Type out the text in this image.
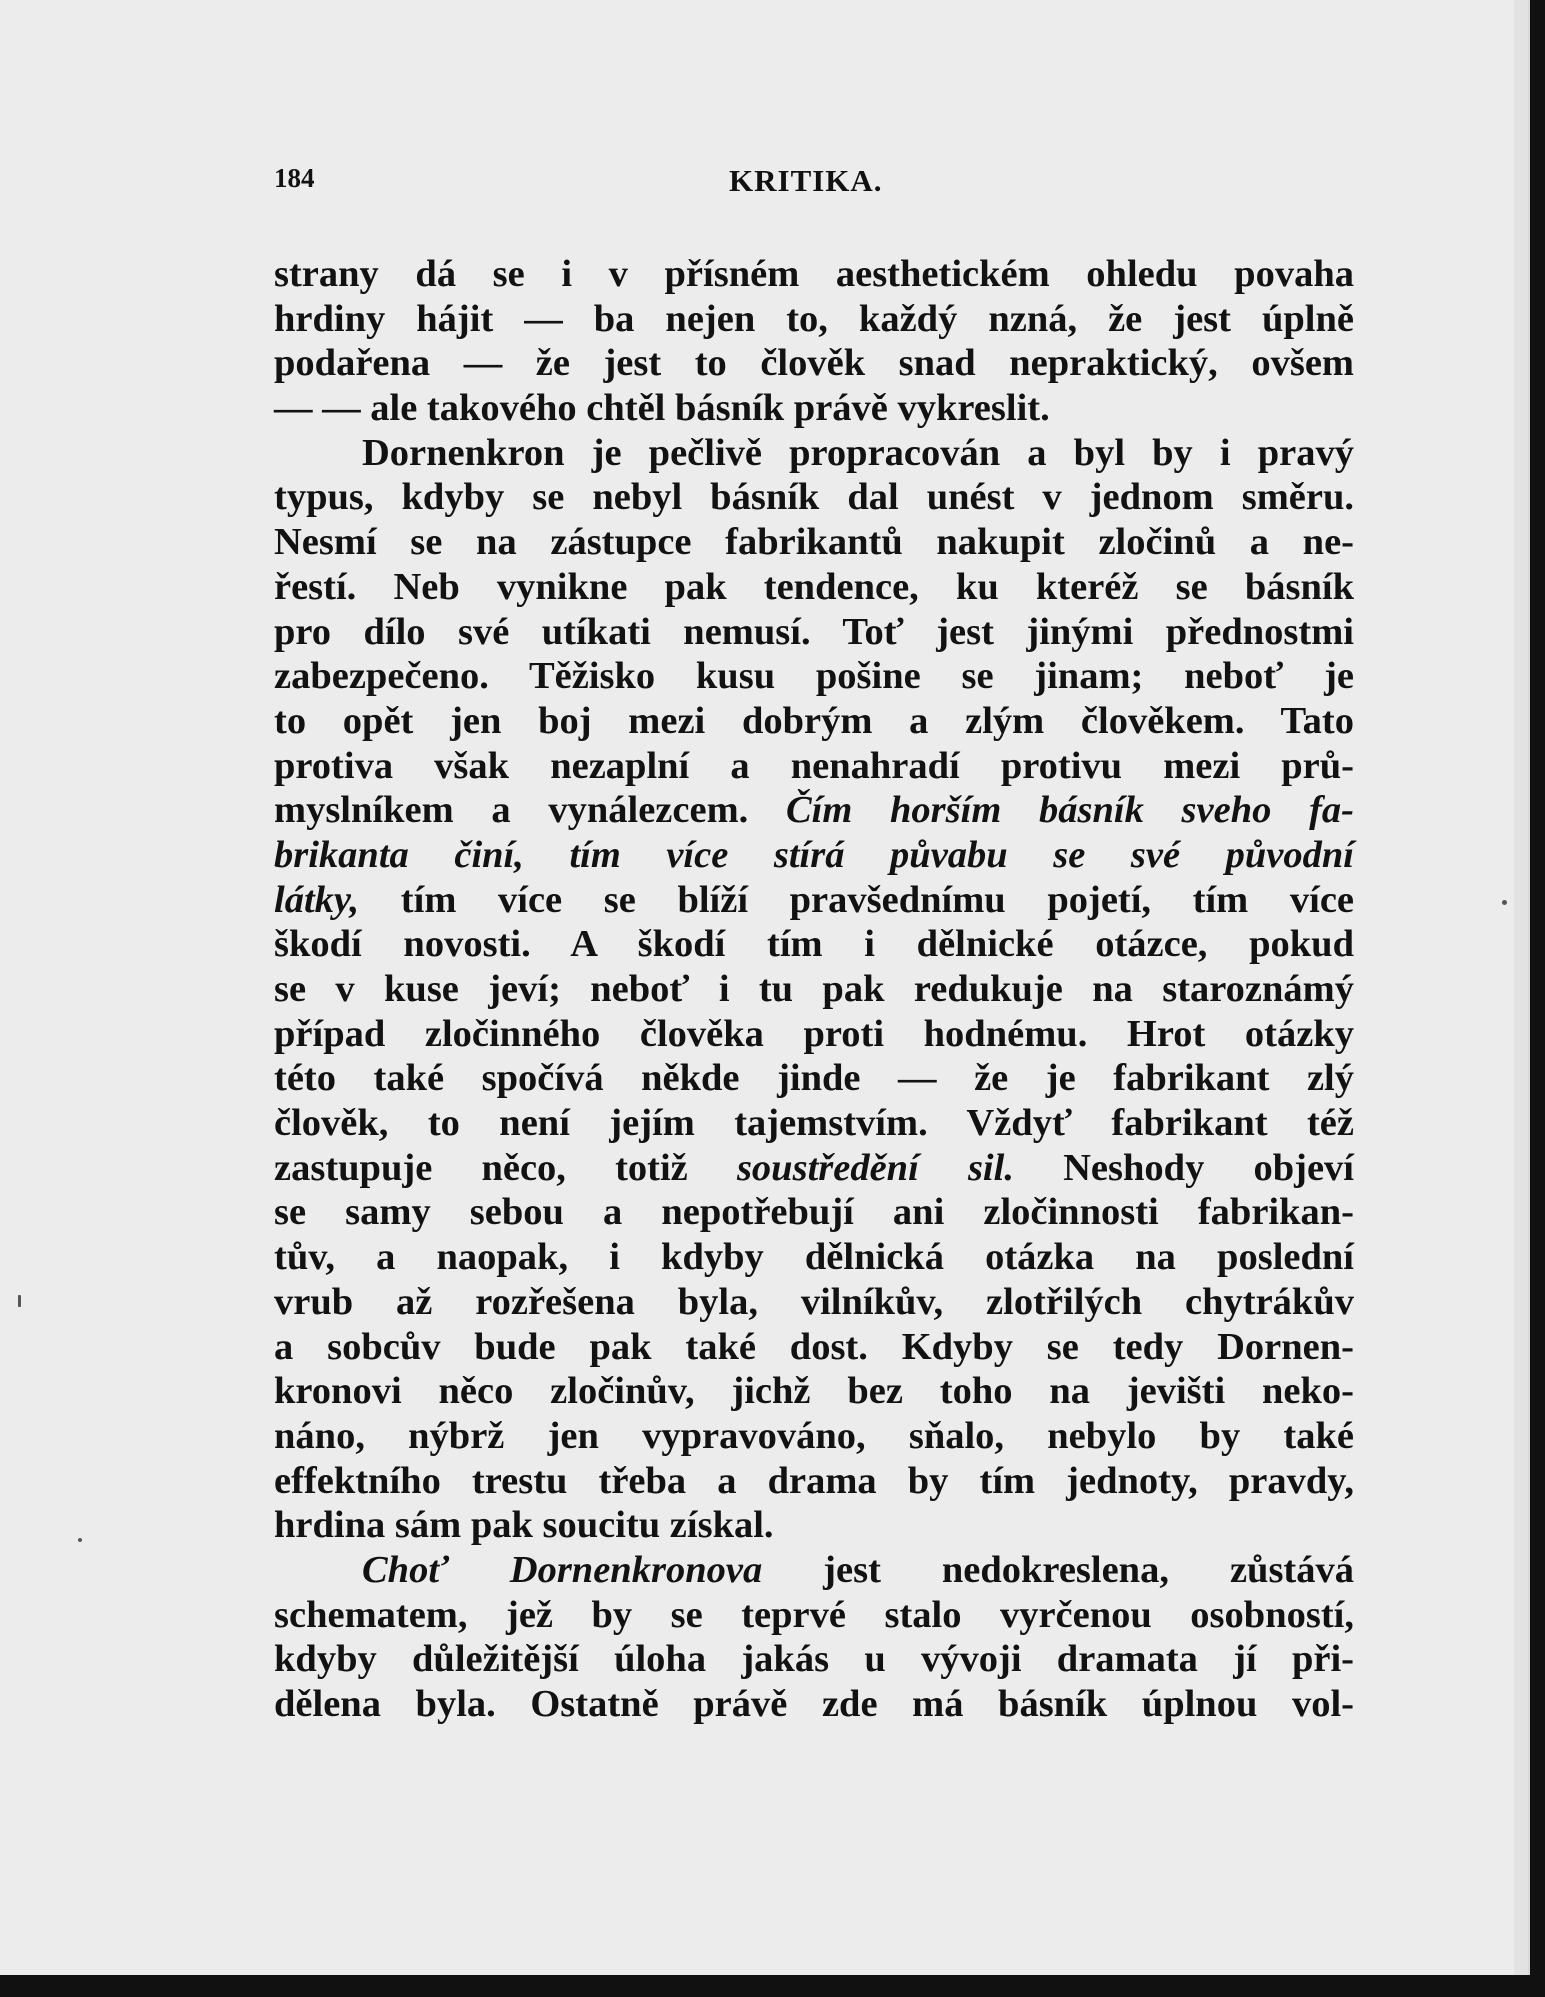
184	KRITIKA.
strany dá se i v přísném aesthetickém ohledu povaha
hrdiny hájit — ba nejen to, každý nzná, že jest úplně
podařena — že jest to člověk snad nepraktický, ovšem
— — ale takového chtěl básník právě vykreslit.
Dornenkron je pečlivě propracován a byl by i pravý
typus, kdyby se nebyl básník dal unést v jednom směru.
Nesmí se na zástupce fabrikantů nakupit zločinů a ne-
řestí. Neb vynikne pak tendence, ku kteréž se básník
pro dílo své utíkati nemusí. Toť jest jinými přednostmi
zabezpečeno. Těžisko kusu pošine se jinam; neboť je
to opět jen boj mezi dobrým a zlým člověkem. Tato
protiva však nezaplní a nenahradí protivu mezi prů-
myslníkem a vynálezcem. Čím horším básník sveho fa-
brikanta činí, tím více stírá půvabu se své původní
látky, tím více se blíží pravšednímu pojetí, tím více
škodí novosti. A škodí tím i dělnické otázce, pokud
se v kuse jeví; neboť i tu pak redukuje na staroznámý
případ zločinného člověka proti hodnému. Hrot otázky
této také spočívá někde jinde — že je fabrikant zlý
člověk, to není jejím tajemstvím. Vždyť fabrikant též
zastupuje něco, totiž soustředění sil. Neshody objeví
se samy sebou a nepotřebují ani zločinnosti fabrikan-
tův, a naopak, i kdyby dělnická otázka na poslední
vrub až rozřešena byla, vilníkův, zlotřilých chytrákův
a sobcův bude pak také dost. Kdyby se tedy Dornen-
kronovi něco zločinův, jichž bez toho na jevišti neko-
náno, nýbrž jen vypravováno, sňalo, nebylo by také
effektního trestu třeba a drama by tím jednoty, pravdy,
hrdina sám pak soucitu získal.
Choť Dornenkronova jest nedokreslena, zůstává
schematem, jež by se teprvé stalo vyrčenou osobností,
kdyby důležitější úloha jakás u vývoji dramata jí při-
dělena byla. Ostatně právě zde má básník úplnou vol-
